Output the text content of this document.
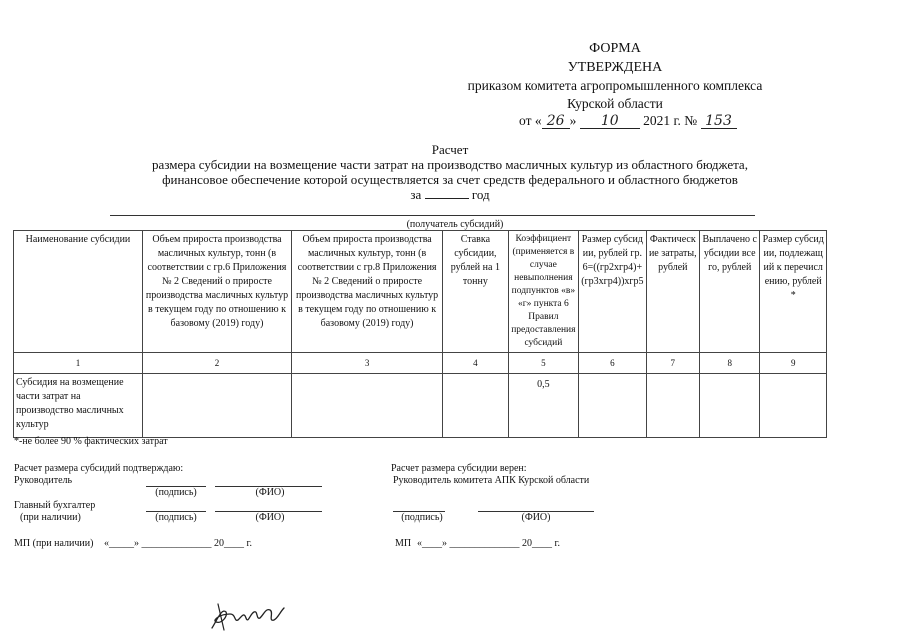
ФОРМА
УТВЕРЖДЕНА
приказом комитета агропромышленного комплекса
Курской области
от « 26 » 10 2021 г. № 153
Расчет
размера субсидии на возмещение части затрат на производство масличных культур из областного бюджета,
финансовое обеспечение которой осуществляется за счет средств федерального и областного бюджетов
за	год
(получатель субсидий)
Наименование субсидии	Объем прироста производства масличных культур, тонн (в соответствии с гр.6 Приложения № 2 Сведений о приросте производства масличных культур в текущем году по отношению к базовому (2019) году)	Объем прироста производства масличных культур, тонн (в соответствии с гр.8 Приложения № 2 Сведений о приросте производства масличных культур в текущем году по отношению к базовому (2019) году)	Ставка субсидии, рублей на 1 тонну	Коэффициент (применяется в случае невыполнения подпунктов «в» «г» пункта 6 Правил предоставления субсидий	Размер субсидии, рублей гр.6=((гр2хгр4)+(гр3хгр4))хгр5	Фактические затраты, рублей	Выплачено субсидии всего, рублей	Размер субсидии, подлежащий к перечислению, рублей *
1	2	3	4	5	6	7	8	9
Субсидия на возмещение части затрат на производство масличных культур				0,5				
*-не более 90 % фактических затрат
Расчет размера субсидий подтверждаю:
Руководитель
(подпись)	(ФИО)
Главный бухгалтер
(при наличии)	(подпись)	(ФИО)
МП (при наличии) «_____» ______________ 20____ г.
Расчет размера субсидии верен:
Руководитель комитета АПК Курской области
(подпись)	(ФИО)
МП «____» ______________ 20____ г.
